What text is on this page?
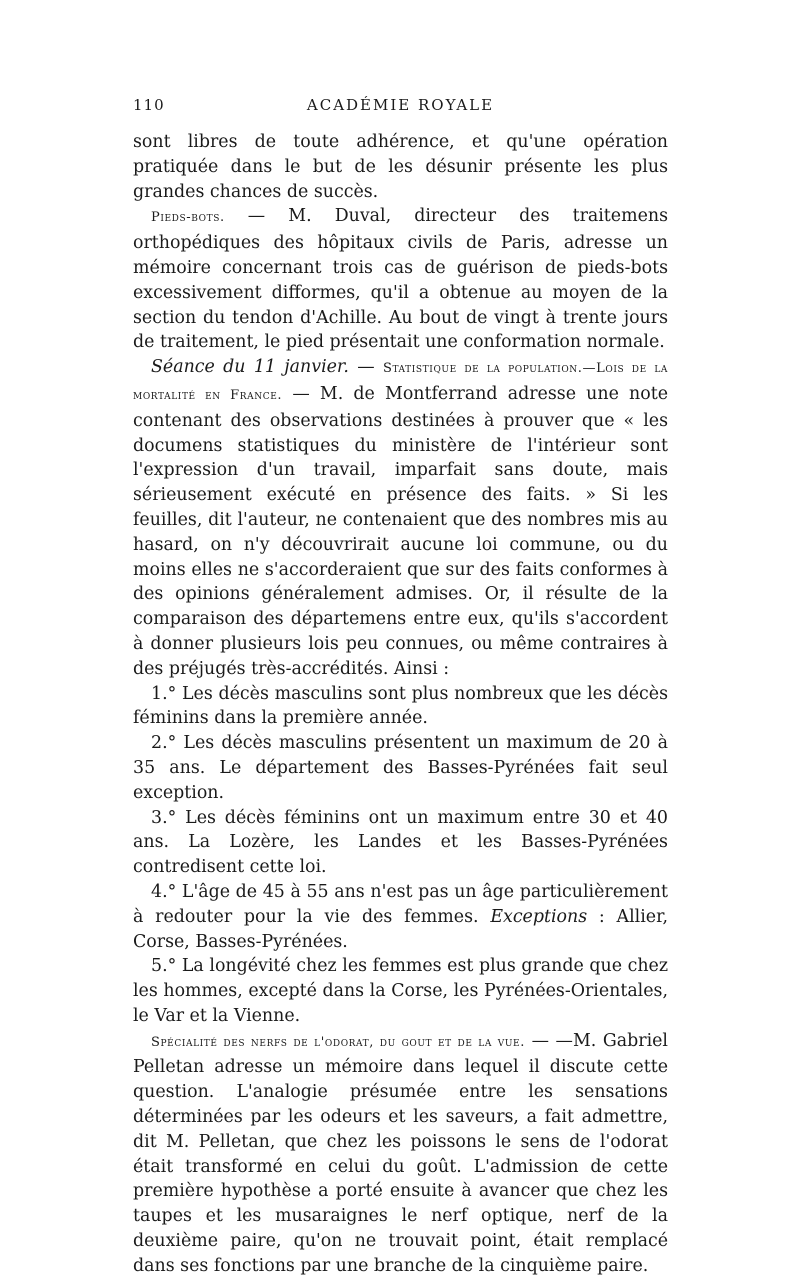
110	ACADÉMIE ROYALE

sont libres de toute adhérence, et qu'une opération pratiquée dans le but de les désunir présente les plus grandes chances de succès.

Pieds-bots. — M. Duval, directeur des traitemens orthopédiques des hôpitaux civils de Paris, adresse un mémoire concernant trois cas de guérison de pieds-bots excessivement difformes, qu'il a obtenue au moyen de la section du tendon d'Achille. Au bout de vingt à trente jours de traitement, le pied présentait une conformation normale.

Séance du 11 janvier. — Statistique de la population.—Lois de la mortalité en France. — M. de Montferrand adresse une note contenant des observations destinées à prouver que « les documens statistiques du ministère de l'intérieur sont l'expression d'un travail, imparfait sans doute, mais sérieusement exécuté en présence des faits. » Si les feuilles, dit l'auteur, ne contenaient que des nombres mis au hasard, on n'y découvrirait aucune loi commune, ou du moins elles ne s'accorderaient que sur des faits conformes à des opinions généralement admises. Or, il résulte de la comparaison des départemens entre eux, qu'ils s'accordent à donner plusieurs lois peu connues, ou même contraires à des préjugés très-accrédités. Ainsi :

1.° Les décès masculins sont plus nombreux que les décès féminins dans la première année.

2.° Les décès masculins présentent un maximum de 20 à 35 ans. Le département des Basses-Pyrénées fait seul exception.

3.° Les décès féminins ont un maximum entre 30 et 40 ans. La Lozère, les Landes et les Basses-Pyrénées contredisent cette loi.

4.° L'âge de 45 à 55 ans n'est pas un âge particulièrement à redouter pour la vie des femmes. Exceptions : Allier, Corse, Basses-Pyrénées.

5.° La longévité chez les femmes est plus grande que chez les hommes, excepté dans la Corse, les Pyrénées-Orientales, le Var et la Vienne.

Spécialité des nerfs de l'odorat, du gout et de la vue. — —M. Gabriel Pelletan adresse un mémoire dans lequel il discute cette question. L'analogie présumée entre les sensations déterminées par les odeurs et les saveurs, a fait admettre, dit M. Pelletan, que chez les poissons le sens de l'odorat était transformé en celui du goût. L'admission de cette première hypothèse a porté ensuite à avancer que chez les taupes et les musaraignes le nerf optique, nerf de la deuxième paire, qu'on ne trouvait point, était remplacé dans ses fonctions par une branche de la cinquième paire.
